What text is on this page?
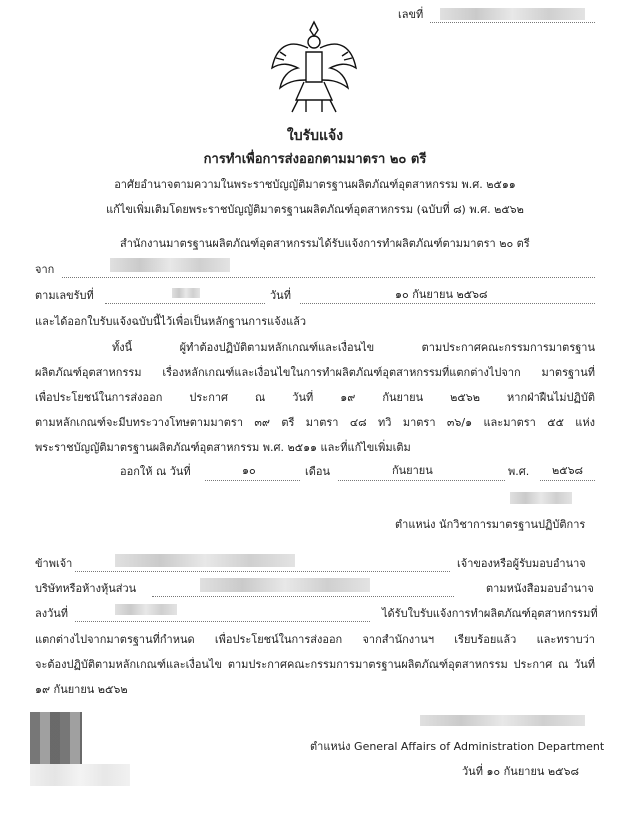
เลขที่
ใบรับแจ้ง
การทำเพื่อการส่งออกตามมาตรา ๒๐ ตรี
อาศัยอำนาจตามความในพระราชบัญญัติมาตรฐานผลิตภัณฑ์อุตสาหกรรม พ.ศ. ๒๕๑๑
แก้ไขเพิ่มเติมโดยพระราชบัญญัติมาตรฐานผลิตภัณฑ์อุตสาหกรรม (ฉบับที่ ๘) พ.ศ. ๒๕๖๒
สำนักงานมาตรฐานผลิตภัณฑ์อุตสาหกรรมได้รับแจ้งการทำผลิตภัณฑ์ตามมาตรา ๒๐ ตรี
จาก
ตามเลขรับที่	วันที่	๑๐ กันยายน ๒๕๖๘
และได้ออกใบรับแจ้งฉบับนี้ไว้เพื่อเป็นหลักฐานการแจ้งแล้ว
ทั้งนี้ ผู้ทำต้องปฏิบัติตามหลักเกณฑ์และเงื่อนไข ตามประกาศคณะกรรมการมาตรฐาน
ผลิตภัณฑ์อุตสาหกรรม เรื่องหลักเกณฑ์และเงื่อนไขในการทำผลิตภัณฑ์อุตสาหกรรมที่แตกต่างไปจาก มาตรฐานที่
เพื่อประโยชน์ในการส่งออก ประกาศ ณ วันที่ ๑๙ กันยายน ๒๕๖๒ หากฝ่าฝืนไม่ปฏิบัติ
ตามหลักเกณฑ์จะมีบทระวางโทษตามมาตรา ๓๙ ตรี มาตรา ๔๘ ทวิ มาตรา ๓๖/๑ และมาตรา ๕๕ แห่ง
พระราชบัญญัติมาตรฐานผลิตภัณฑ์อุตสาหกรรม พ.ศ. ๒๕๑๑ และที่แก้ไขเพิ่มเติม
ออกให้ ณ วันที่	๑๐	เดือน	กันยายน	พ.ศ. ๒๕๖๘
ตำแหน่ง นักวิชาการมาตรฐานปฏิบัติการ
ข้าพเจ้า	เจ้าของหรือผู้รับมอบอำนาจ
บริษัทหรือห้างหุ้นส่วน	ตามหนังสือมอบอำนาจ
ลงวันที่	ได้รับใบรับแจ้งการทำผลิตภัณฑ์อุตสาหกรรมที่
แตกต่างไปจากมาตรฐานที่กำหนด เพื่อประโยชน์ในการส่งออก จากสำนักงานฯ เรียบร้อยแล้ว และทราบว่า
จะต้องปฏิบัติตามหลักเกณฑ์และเงื่อนไข ตามประกาศคณะกรรมการมาตรฐานผลิตภัณฑ์อุตสาหกรรม ประกาศ ณ วันที่
๑๙ กันยายน ๒๕๖๒
ตำแหน่ง General Affairs of Administration Department
วันที่ ๑๐ กันยายน ๒๕๖๘
